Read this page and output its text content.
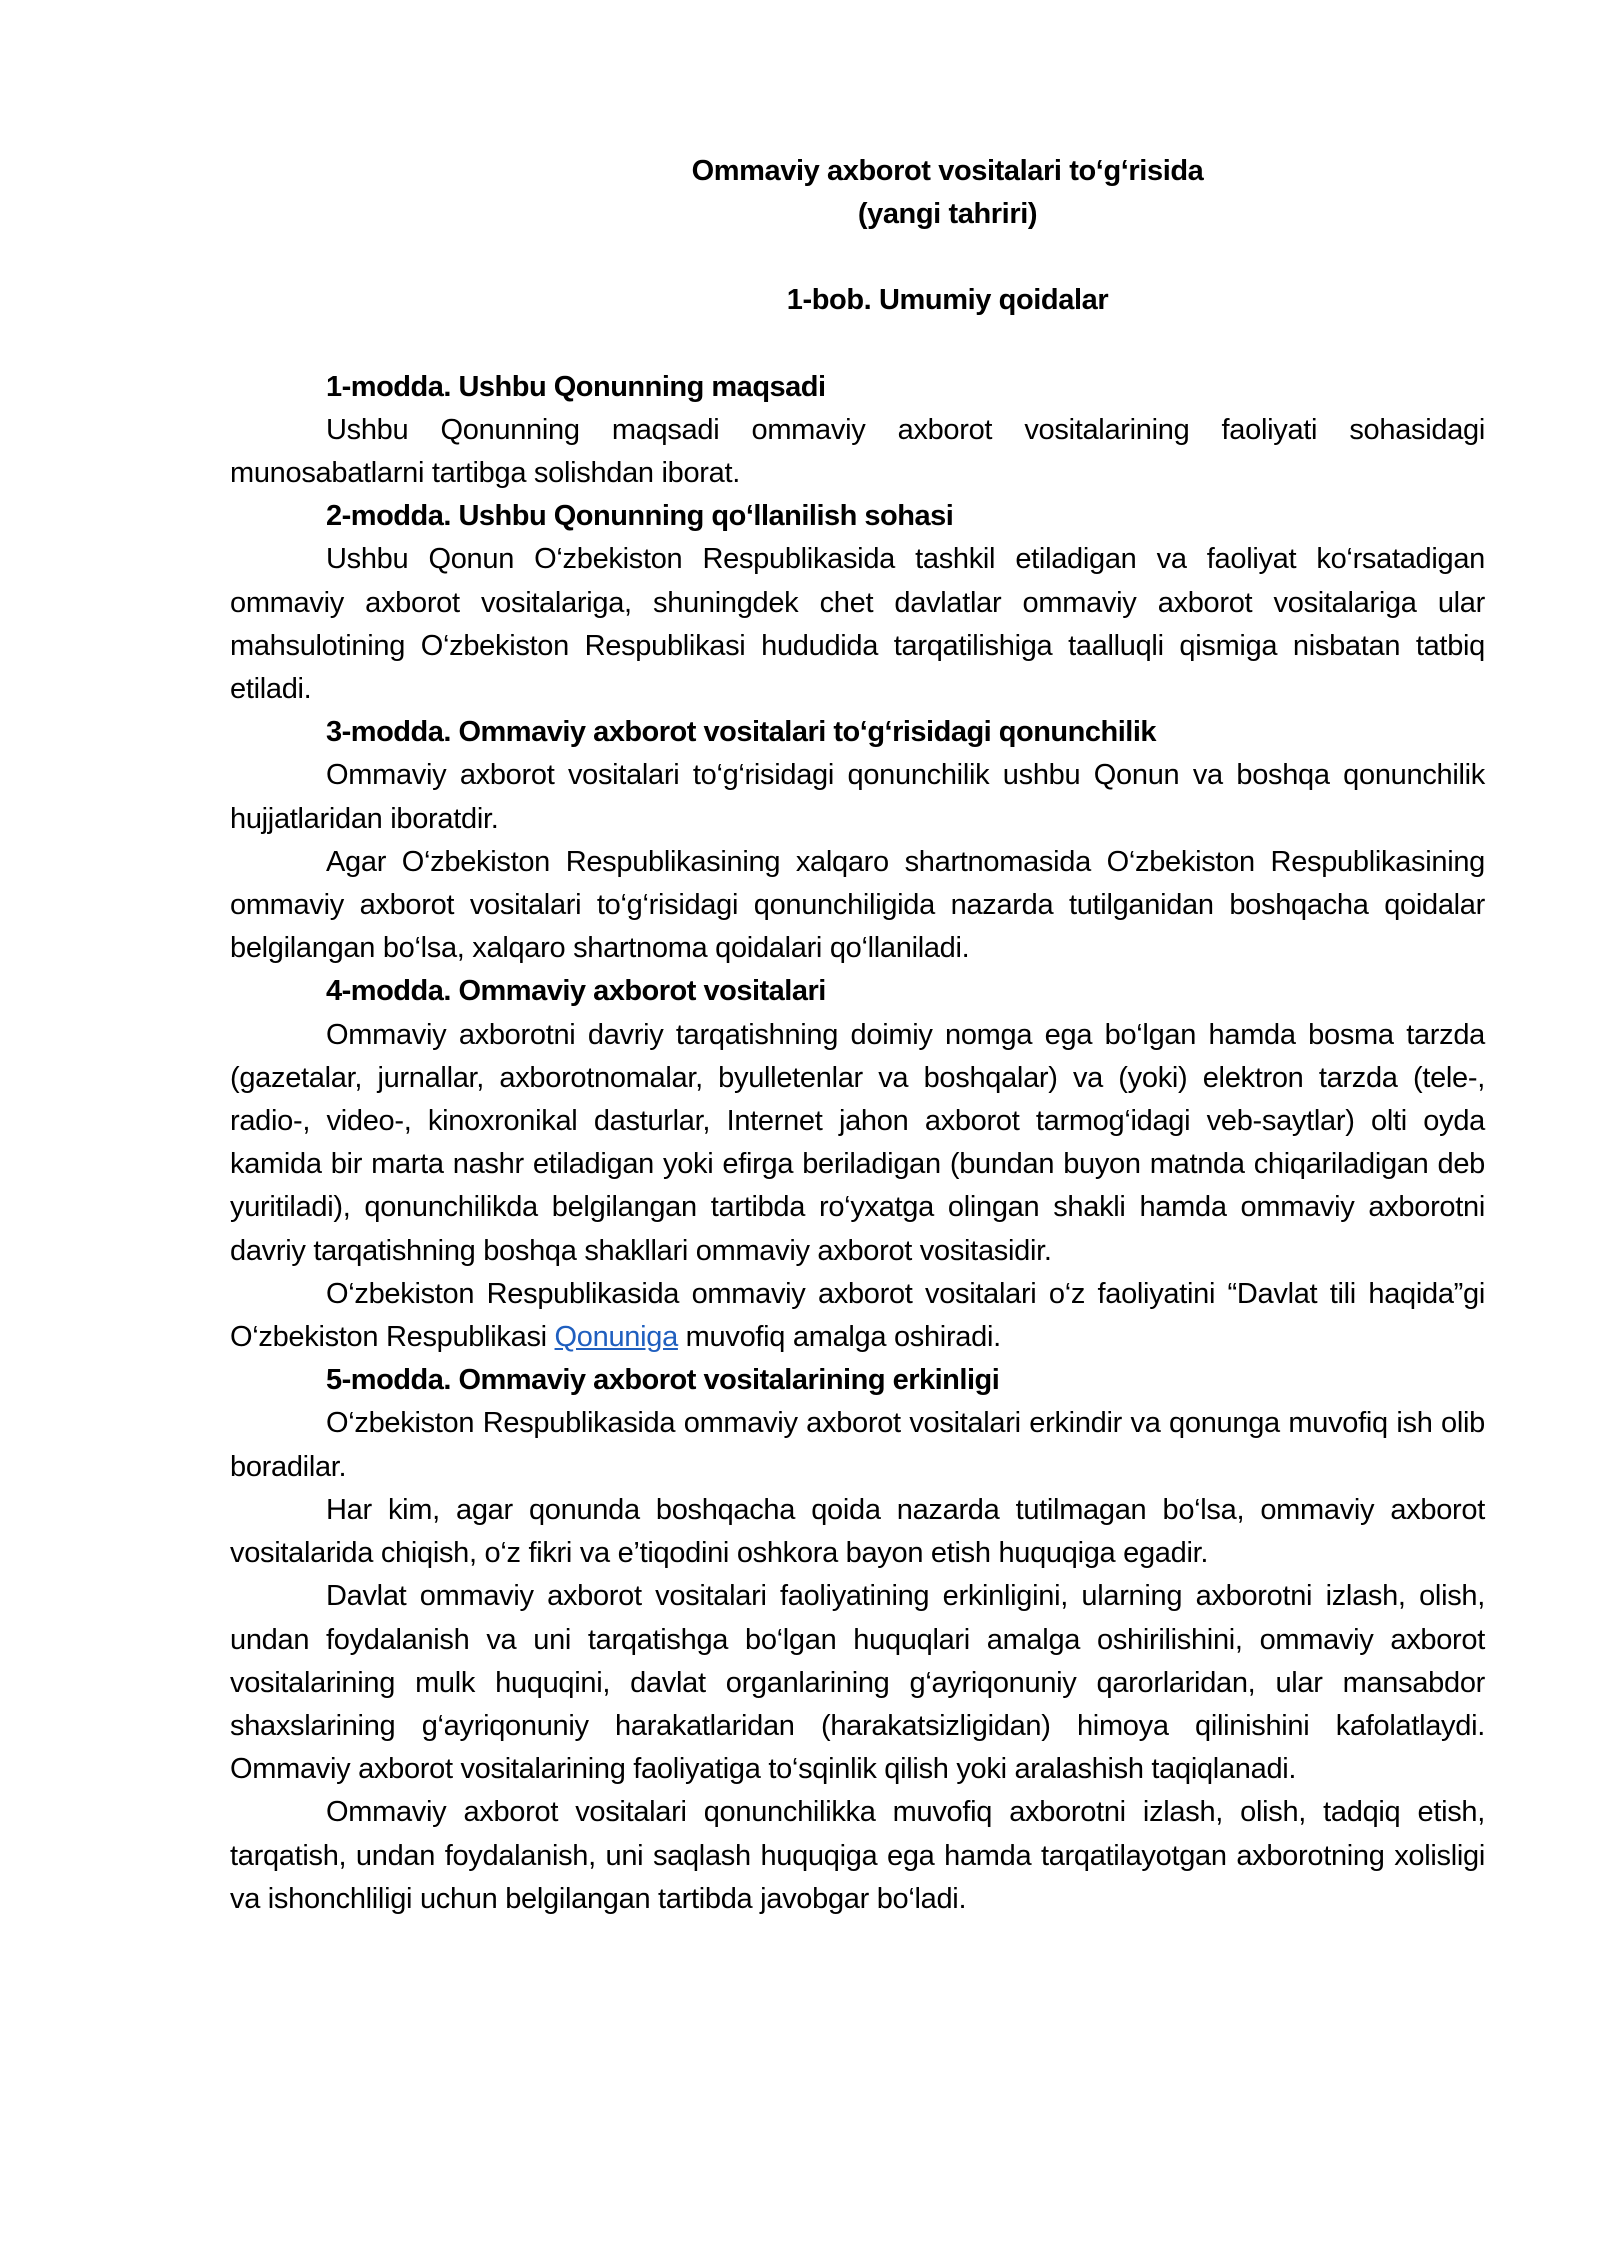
Ommaviy axborot vositalari to‘g‘risida

(yangi tahriri)

1-bob. Umumiy qoidalar

1-modda. Ushbu Qonunning maqsadi

Ushbu Qonunning maqsadi ommaviy axborot vositalarining faoliyati sohasidagi munosabatlarni tartibga solishdan iborat.

2-modda. Ushbu Qonunning qo‘llanilish sohasi

Ushbu Qonun O‘zbekiston Respublikasida tashkil etiladigan va faoliyat ko‘rsatadigan ommaviy axborot vositalariga, shuningdek chet davlatlar ommaviy axborot vositalariga ular mahsulotining O‘zbekiston Respublikasi hududida tarqatilishiga taalluqli qismiga nisbatan tatbiq etiladi.

3-modda. Ommaviy axborot vositalari to‘g‘risidagi qonunchilik

Ommaviy axborot vositalari to‘g‘risidagi qonunchilik ushbu Qonun va boshqa qonunchilik hujjatlaridan iboratdir.

Agar O‘zbekiston Respublikasining xalqaro shartnomasida O‘zbekiston Respublikasining ommaviy axborot vositalari to‘g‘risidagi qonunchiligida nazarda tutilganidan boshqacha qoidalar belgilangan bo‘lsa, xalqaro shartnoma qoidalari qo‘llaniladi.

4-modda. Ommaviy axborot vositalari

Ommaviy axborotni davriy tarqatishning doimiy nomga ega bo‘lgan hamda bosma tarzda (gazetalar, jurnallar, axborotnomalar, byulletenlar va boshqalar) va (yoki) elektron tarzda (tele-, radio-, video-, kinoxronikal dasturlar, Internet jahon axborot tarmog‘idagi veb-saytlar) olti oyda kamida bir marta nashr etiladigan yoki efirga beriladigan (bundan buyon matnda chiqariladigan deb yuritiladi), qonunchilikda belgilangan tartibda ro‘yxatga olingan shakli hamda ommaviy axborotni davriy tarqatishning boshqa shakllari ommaviy axborot vositasidir.

O‘zbekiston Respublikasida ommaviy axborot vositalari o‘z faoliyatini “Davlat tili haqida”gi O‘zbekiston Respublikasi Qonuniga muvofiq amalga oshiradi.

5-modda. Ommaviy axborot vositalarining erkinligi

O‘zbekiston Respublikasida ommaviy axborot vositalari erkindir va qonunga muvofiq ish olib boradilar.

Har kim, agar qonunda boshqacha qoida nazarda tutilmagan bo‘lsa, ommaviy axborot vositalarida chiqish, o‘z fikri va e’tiqodini oshkora bayon etish huquqiga egadir.

Davlat ommaviy axborot vositalari faoliyatining erkinligini, ularning axborotni izlash, olish, undan foydalanish va uni tarqatishga bo‘lgan huquqlari amalga oshirilishini, ommaviy axborot vositalarining mulk huquqini, davlat organlarining g‘ayriqonuniy qarorlaridan, ular mansabdor shaxslarining g‘ayriqonuniy harakatlaridan (harakatsizligidan) himoya qilinishini kafolatlaydi. Ommaviy axborot vositalarining faoliyatiga to‘sqinlik qilish yoki aralashish taqiqlanadi.

Ommaviy axborot vositalari qonunchilikka muvofiq axborotni izlash, olish, tadqiq etish, tarqatish, undan foydalanish, uni saqlash huquqiga ega hamda tarqatilayotgan axborotning xolisligi va ishonchliligi uchun belgilangan tartibda javobgar bo‘ladi.
